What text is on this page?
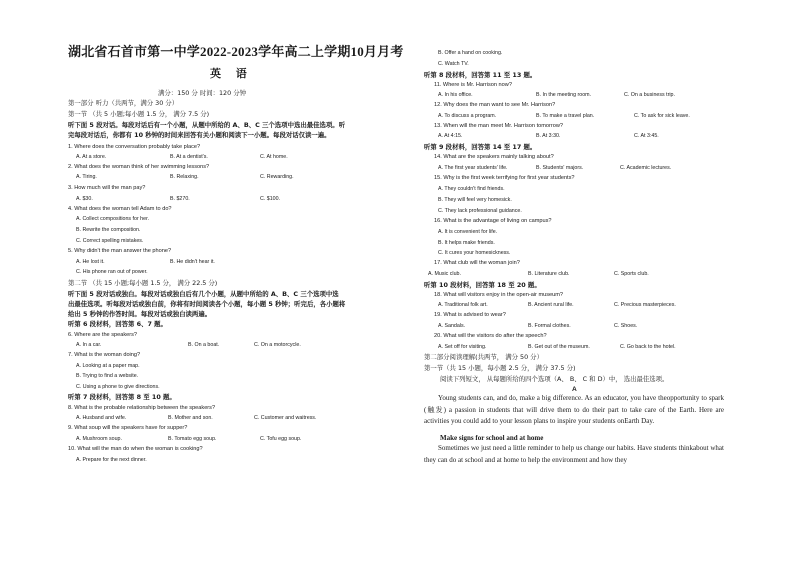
湖北省石首市第一中学2022-2023学年高二上学期10月月考
英 语
满分：150 分 时间：120 分钟
第一部分 听力（共两节，满分 30 分）
第一节 （共 5 小题;每小题 1.5 分， 满分 7.5 分)
听下面 5 段对话。每段对话后有一个小题，从题中所给的 A、B、C 三个选项中选出最佳选项。听
完每段对话后，你都有 10 秒钟的时间来回答有关小题和阅读下一小题。每段对话仅读一遍。
1. Where does the conversation probably take place?
A. At a store.	B. At a dentist's.	C. At home.
2. What does the woman think of her swimming lessons?
A. Tiring.	B. Relaxing.	C. Rewarding.
3. How much will the man pay?
A. $30.	B. $270.	C. $100.
4. What does the woman tell Adam to do?
A. Collect compositions for her.
B. Rewrite the composition.
C. Correct spelling mistakes.
5. Why didn't the man answer the phone?
A. He lost it.	B. He didn't hear it.
C. His phone ran out of power.
第二节 （共 15 小题;每小题 1.5 分， 满分 22.5 分)
听下面 5 段对话或独白。每段对话或独白后有几个小题，从题中所给的 A、B、C 三个选项中选
出最佳选项。听每段对话或独白前，你将有时间阅读各个小题，每小题 5 秒钟；听完后，各小题将
给出 5 秒钟的作答时间。每段对话或独白读两遍。
听第 6 段材料，回答第 6、7 题。
6. Where are the speakers?
A. In a car.	B. On a boat.	C. On a motorcycle.
7. What is the woman doing?
A. Looking at a paper map.
B. Trying to find a website.
C. Using a phone to give directions.
听第 7 段材料，回答第 8 至 10 题。
8. What is the probable relationship between the speakers?
A. Husband and wife.	B. Mother and son.	C. Customer and waitress.
9. What soup will the speakers have for supper?
A. Mushroom soup.	B. Tomato egg soup.	C. Tofu egg soup.
10. What will the man do when the woman is cooking?
A. Prepare for the next dinner.
B. Offer a hand on cooking.
C. Watch TV.
听第 8 段材料，回答第 11 至 13 题。
11. Where is Mr. Harrison now?
A. In his office.	B. In the meeting room.	C. On a business trip.
12. Why does the man want to see Mr. Harrison?
A. To discuss a program.	B. To make a travel plan.	C. To ask for sick leave.
13. When will the man meet Mr. Harrison tomorrow?
A. At 4:15.	B. At 3:30.	C. At 3:45.
听第 9 段材料，回答第 14 至 17 题。
14. What are the speakers mainly talking about?
A. The first year students' life.	B. Students' majors.	C. Academic lectures.
15. Why is the first week terrifying for first year students?
A. They couldn't find friends.
B. They will feel very homesick.
C. They lack professional guidance.
16. What is the advantage of living on campus?
A. It is convenient for life.
B. It helps make friends.
C. It cures your homesickness.
17. What club will the woman join?
A. Music club.	B. Literature club.	C. Sports club.
听第 10 段材料，回答第 18 至 20 题。
18. What will visitors enjoy in the open-air museum?
A. Traditional folk art.	B. Ancient rural life.	C. Precious masterpieces.
19. What is advised to wear?
A. Sandals.	B. Formal clothes.	C. Shoes.
20. What will the visitors do after the speech?
A. Set off for visiting.	B. Get out of the museum.	C. Go back to the hotel.
第二部分阅读理解(共两节， 满分 50 分）
第一节（共 15 小题，每小题 2.5 分， 满分 37.5 分)
阅读下列短文， 从每题所给的四个选项（A、 B、 C 和 D）中， 选出最佳选项。
A
Young students can, and do, make a big difference. As an educator, you have theopportunity to spark (触发) a passion in students that will drive them to do their part to take care of the Earth. Here are activities you could add to your lesson plans to inspire your students onEarth Day.
Make signs for school and at home
Sometimes we just need a little reminder to help us change our habits. Have students thinkabout what they can do at school and at home to help the environment and how they
